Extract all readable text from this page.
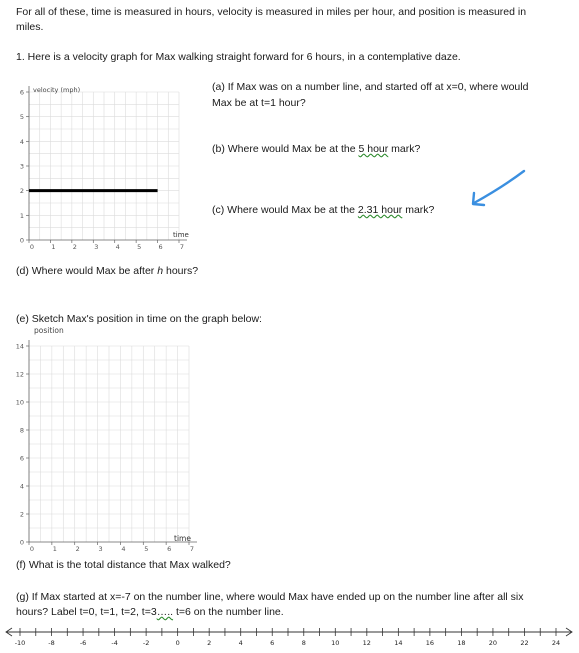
For all of these, time is measured in hours, velocity is measured in miles per hour, and position is measured in
miles.
1. Here is a velocity graph for Max walking straight forward for 6 hours, in a contemplative daze.
0
1
2
3
4
5
6
0	1	2	3	4	5	6	7
velocity (mph)
time
(a) If Max was on a number line, and started off at x=0, where would
Max be at t=1 hour?
(b) Where would Max be at the 5 hour mark?
(c) Where would Max be at the 2.31 hour mark?
(d) Where would Max be after h hours?
(e) Sketch Max's position in time on the graph below:
0
2
4
6
8
10
12
14
0	1	2	3	4	5	6	7
position
time
(f) What is the total distance that Max walked?
(g) If Max started at x=-7 on the number line, where would Max have ended up on the number line after all six
hours? Label t=0, t=1, t=2, t=3….. t=6 on the number line.
-10	-8	-6	-4	-2	0	2	4	6	8	10	12	14	16	18	20	22	24
